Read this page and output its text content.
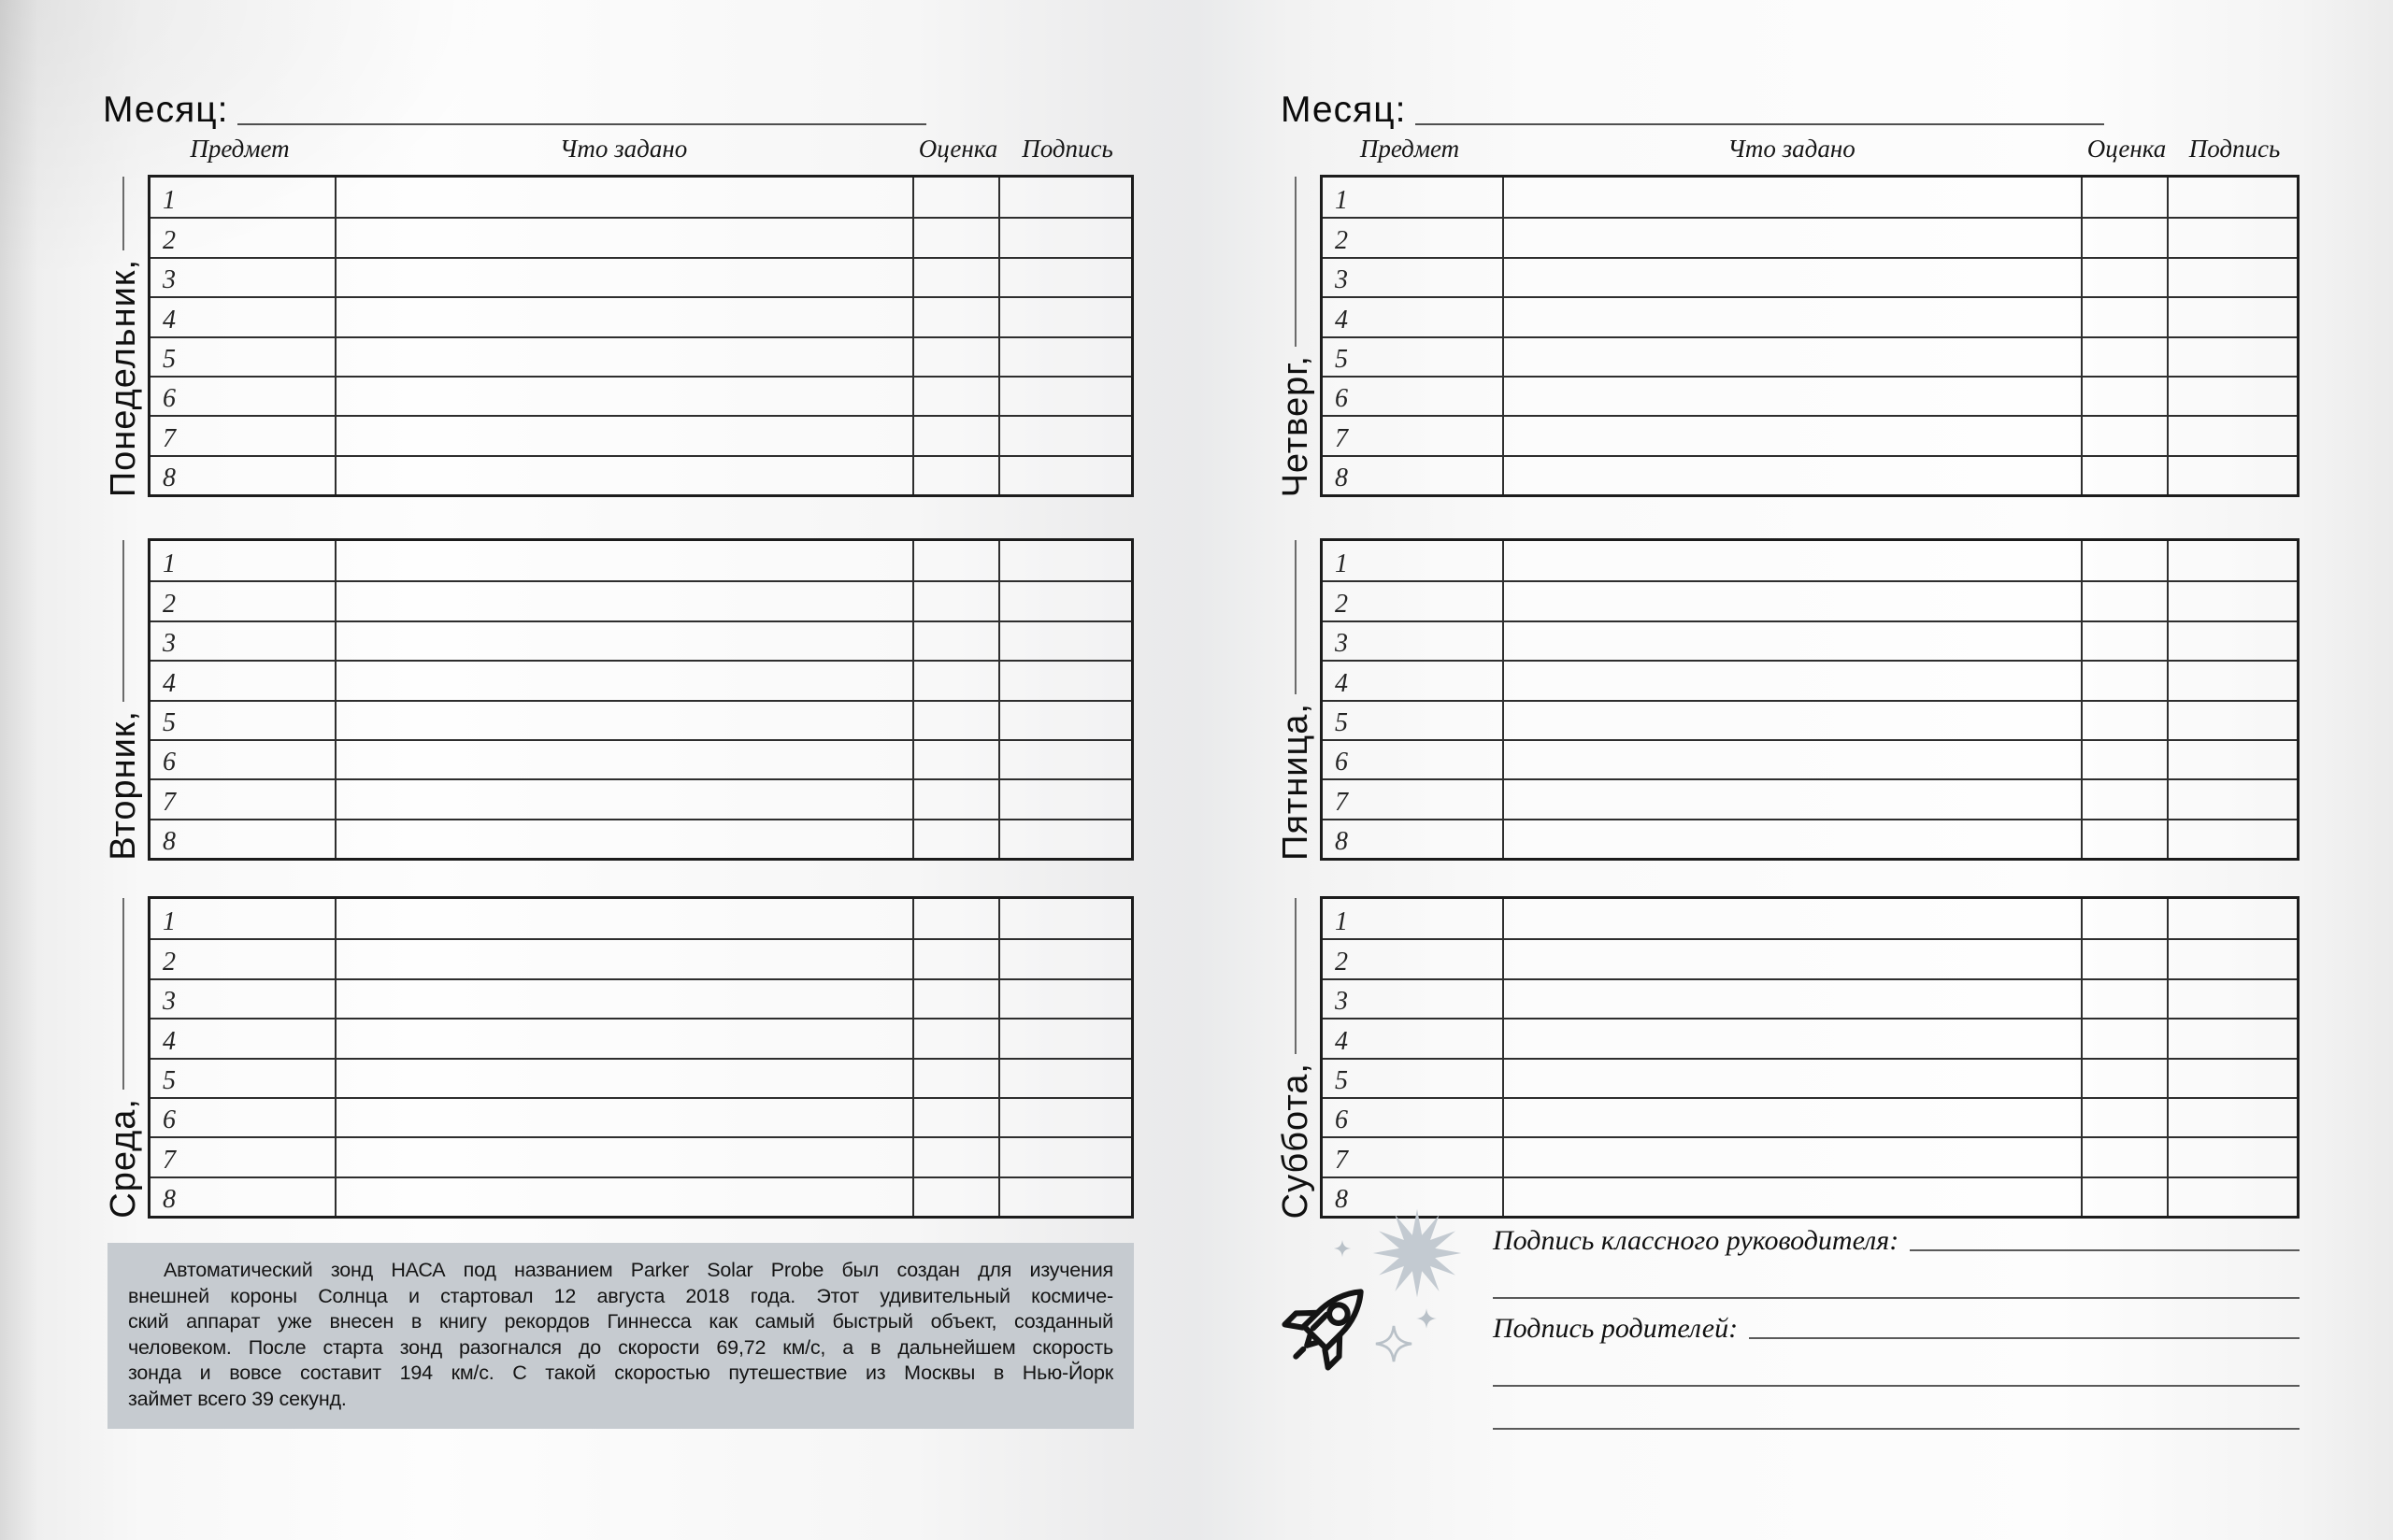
Месяц:
Предмет	Что задано	Оценка Подпись
Понедельник,
1
2
3
4
5
6
7
8
Вторник,
1
2
3
4
5
6
7
8
Среда,
1
2
3
4
5
6
7
8
Автоматический зонд НАСА под названием Parker Solar Probe был создан для изучения
внешней короны Солнца и стартовал 12 августа 2018 года. Этот удивительный космиче-
ский аппарат уже внесен в книгу рекордов Гиннесса как самый быстрый объект, созданный
человеком. После старта зонд разогнался до скорости 69,72 км/с, а в дальнейшем скорость
зонда и вовсе составит 194 км/с. С такой скоростью путешествие из Москвы в Нью-Йорк
займет всего 39 секунд.
Месяц:
Предмет	Что задано	Оценка Подпись
Четверг,
1
2
3
4
5
6
7
8
Пятница,
1
2
3
4
5
6
7
8
Суббота,
1
2
3
4
5
6
7
8
Подпись классного руководителя:
Подпись родителей:
